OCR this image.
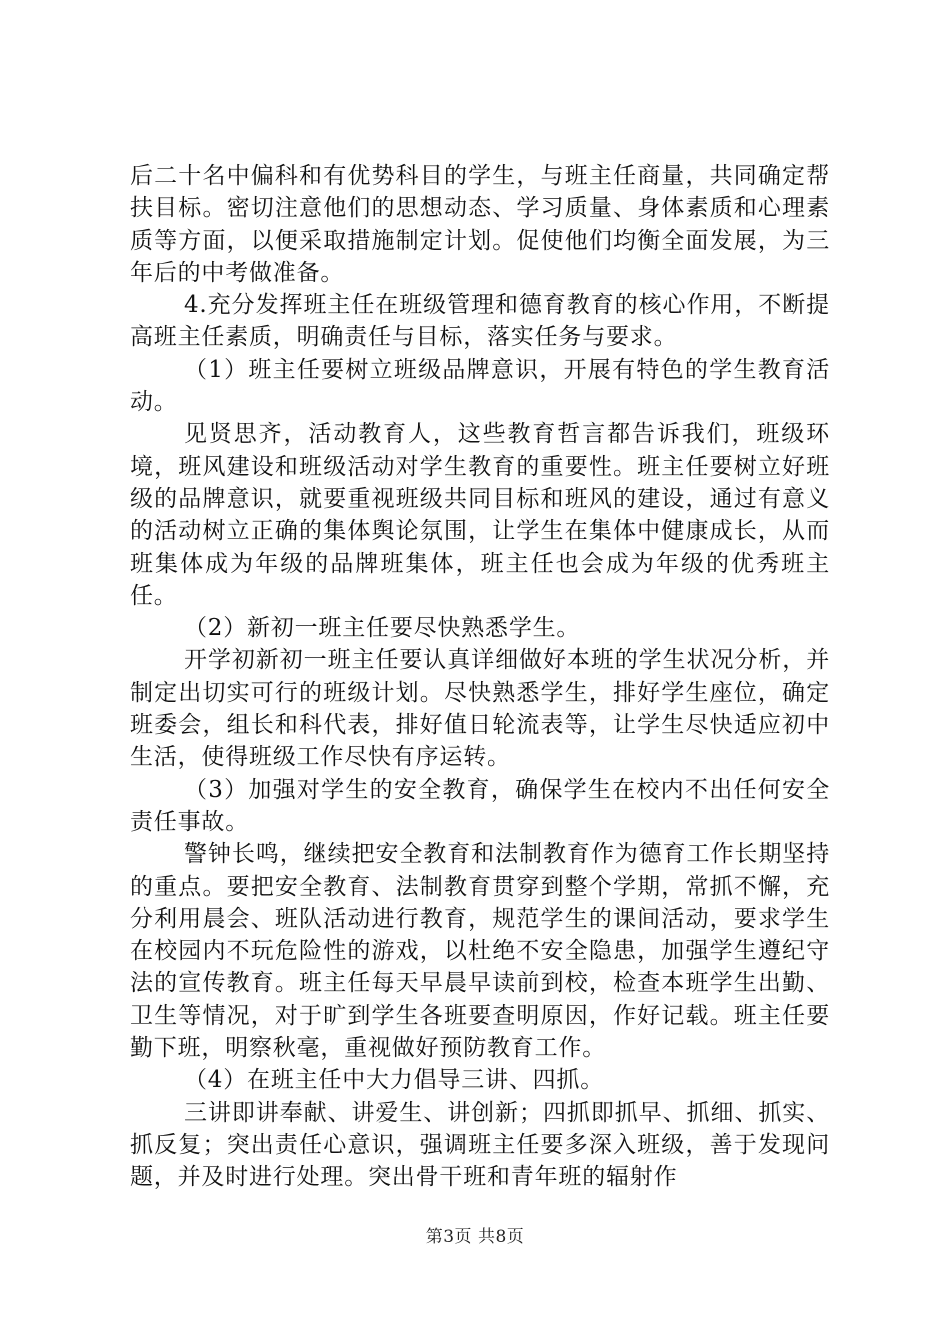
后二十名中偏科和有优势科目的学生，与班主任商量，共同确定帮扶目标。密切注意他们的思想动态、学习质量、身体素质和心理素质等方面，以便采取措施制定计划。促使他们均衡全面发展，为三年后的中考做准备。

4.充分发挥班主任在班级管理和德育教育的核心作用，不断提高班主任素质，明确责任与目标，落实任务与要求。

（1）班主任要树立班级品牌意识，开展有特色的学生教育活动。

见贤思齐，活动教育人，这些教育哲言都告诉我们，班级环境，班风建设和班级活动对学生教育的重要性。班主任要树立好班级的品牌意识，就要重视班级共同目标和班风的建设，通过有意义的活动树立正确的集体舆论氛围，让学生在集体中健康成长，从而班集体成为年级的品牌班集体，班主任也会成为年级的优秀班主任。

（2）新初一班主任要尽快熟悉学生。

开学初新初一班主任要认真详细做好本班的学生状况分析，并制定出切实可行的班级计划。尽快熟悉学生，排好学生座位，确定班委会，组长和科代表，排好值日轮流表等，让学生尽快适应初中生活，使得班级工作尽快有序运转。

（3）加强对学生的安全教育，确保学生在校内不出任何安全责任事故。

警钟长鸣，继续把安全教育和法制教育作为德育工作长期坚持的重点。要把安全教育、法制教育贯穿到整个学期，常抓不懈，充分利用晨会、班队活动进行教育，规范学生的课间活动，要求学生在校园内不玩危险性的游戏，以杜绝不安全隐患，加强学生遵纪守法的宣传教育。班主任每天早晨早读前到校，检查本班学生出勤、卫生等情况，对于旷到学生各班要查明原因，作好记载。班主任要勤下班，明察秋毫，重视做好预防教育工作。

（4）在班主任中大力倡导三讲、四抓。

三讲即讲奉献、讲爱生、讲创新；四抓即抓早、抓细、抓实、抓反复；突出责任心意识，强调班主任要多深入班级，善于发现问题，并及时进行处理。突出骨干班和青年班的辐射作

第3页 共8页
